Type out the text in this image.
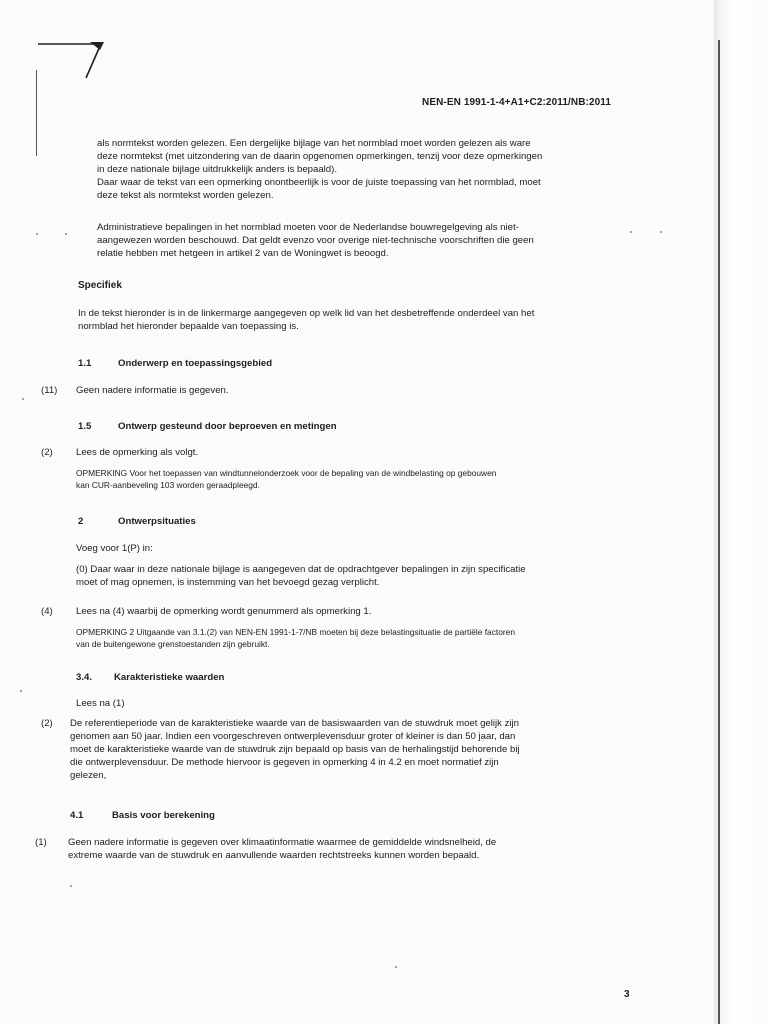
NEN-EN 1991-1-4+A1+C2:2011/NB:2011
als normtekst worden gelezen. Een dergelijke bijlage van het normblad moet worden gelezen als ware
deze normtekst (met uitzondering van de daarin opgenomen opmerkingen, tenzij voor deze opmerkingen
in deze nationale bijlage uitdrukkelijk anders is bepaald).
Daar waar de tekst van een opmerking onontbeerlijk is voor de juiste toepassing van het normblad, moet
deze tekst als normtekst worden gelezen.
Administratieve bepalingen in het normblad moeten voor de Nederlandse bouwregelgeving als niet-
aangewezen worden beschouwd. Dat geldt evenzo voor overige niet-technische voorschriften die geen
relatie hebben met hetgeen in artikel 2 van de Woningwet is beoogd.
Specifiek
In de tekst hieronder is in de linkermarge aangegeven op welk lid van het desbetreffende onderdeel van het
normblad het hieronder bepaalde van toepassing is.
1.1	Onderwerp en toepassingsgebied
(11) Geen nadere informatie is gegeven.
1.5	Ontwerp gesteund door beproeven en metingen
(2) Lees de opmerking als volgt.
OPMERKING Voor het toepassen van windtunnelonderzoek voor de bepaling van de windbelasting op gebouwen
kan CUR-aanbeveling 103 worden geraadpleegd.
2	Ontwerpsituaties
Voeg voor 1(P) in:
(0) Daar waar in deze nationale bijlage is aangegeven dat de opdrachtgever bepalingen in zijn specificatie
moet of mag opnemen, is instemming van het bevoegd gezag verplicht.
(4) Lees na (4) waarbij de opmerking wordt genummerd als opmerking 1.
OPMERKING 2 Uitgaande van 3.1.(2) van NEN-EN 1991-1-7/NB moeten bij deze belastingsituatie de partiële factoren
van de buitengewone grenstoestanden zijn gebruikt.
3.4. Karakteristieke waarden
Lees na (1)
(2) De referentieperiode van de karakteristieke waarde van de basiswaarden van de stuwdruk moet gelijk zijn
genomen aan 50 jaar. Indien een voorgeschreven ontwerplevensduur groter of kleiner is dan 50 jaar, dan
moet de karakteristieke waarde van de stuwdruk zijn bepaald op basis van de herhalingstijd behorende bij
die ontwerplevensduur. De methode hiervoor is gegeven in opmerking 4 in 4.2 en moet normatief zijn
gelezen,
4.1	Basis voor berekening
(1) Geen nadere informatie is gegeven over klimaatinformatie waarmee de gemiddelde windsnelheid, de
extreme waarde van de stuwdruk en aanvullende waarden rechtstreeks kunnen worden bepaald.
3
